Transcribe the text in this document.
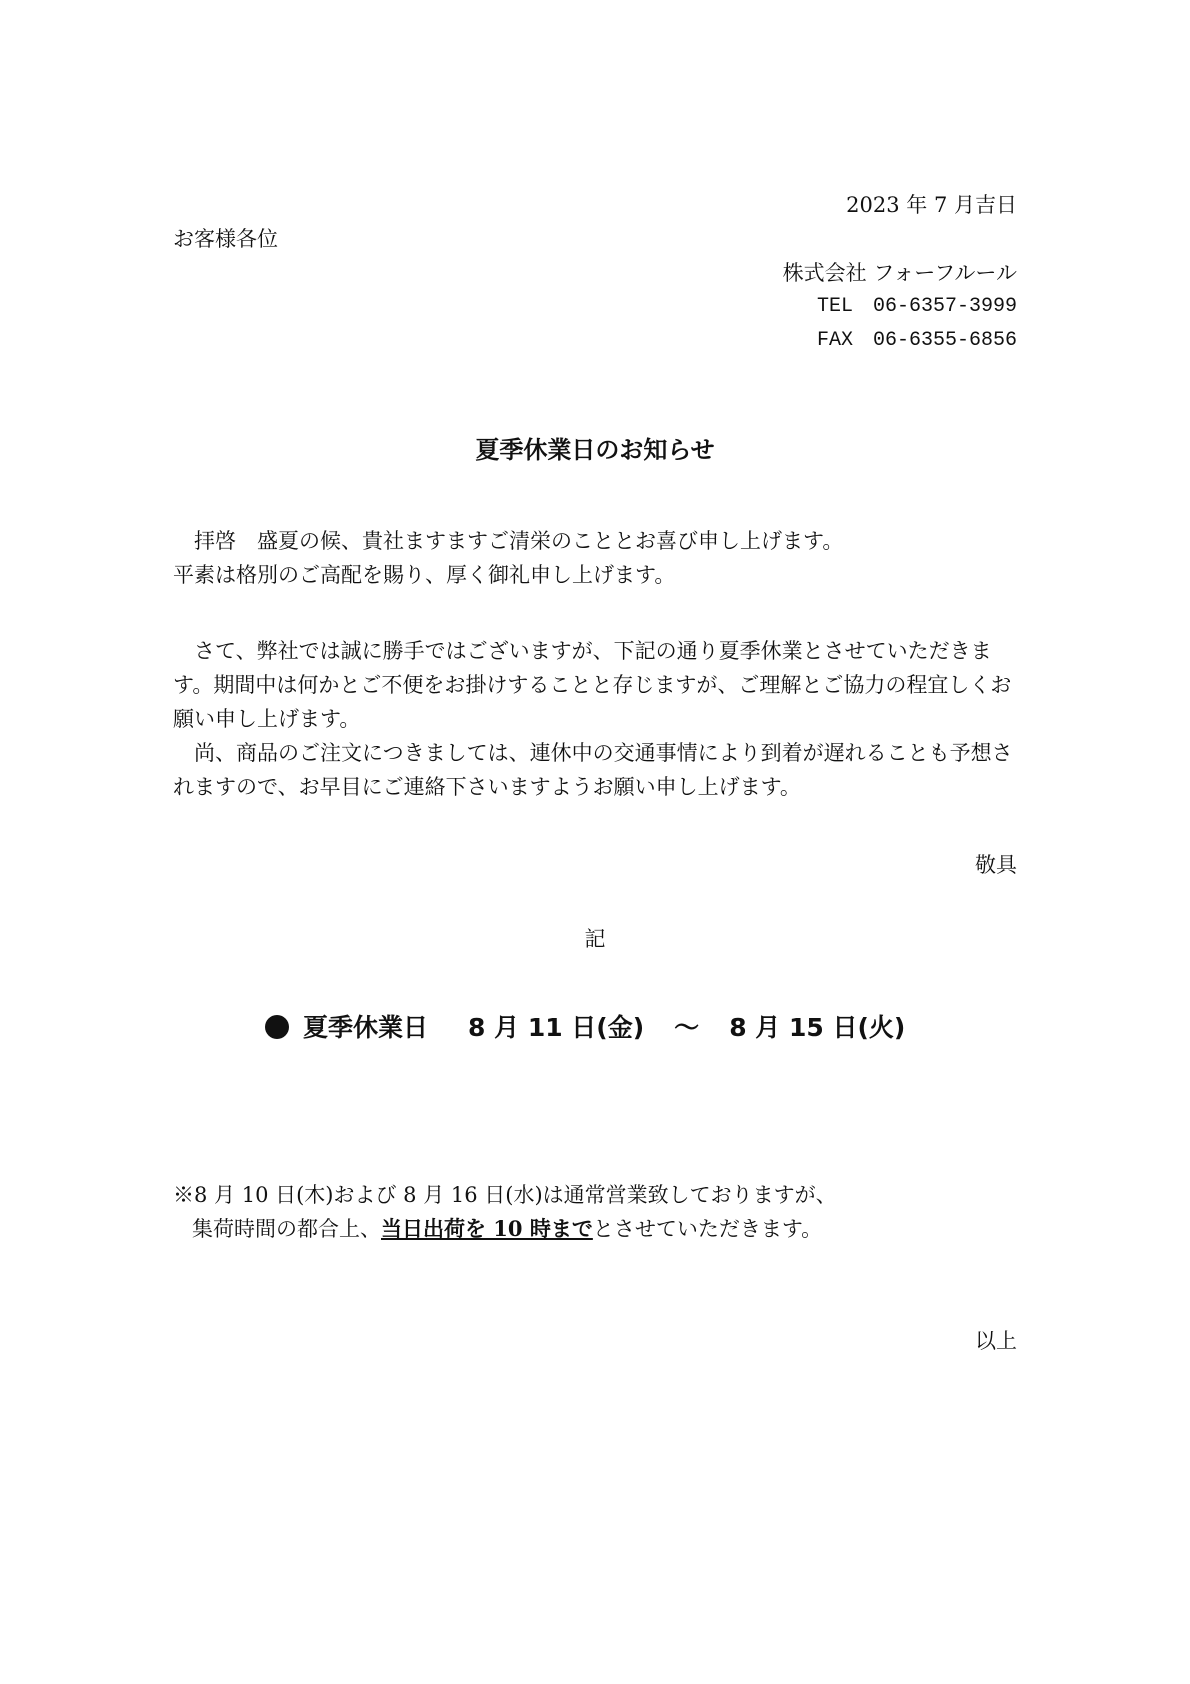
2023 年 7 月吉日
お客様各位
株式会社 フォーフルール
TEL　06-6357-3999
FAX　06-6355-6856
夏季休業日のお知らせ

拝啓　盛夏の候、貴社ますますご清栄のこととお喜び申し上げます。

平素は格別のご高配を賜り、厚く御礼申し上げます。

さて、弊社では誠に勝手ではございますが、下記の通り夏季休業とさせていただきます。期間中は何かとご不便をお掛けすることと存じますが、ご理解とご協力の程宜しくお願い申し上げます。

尚、商品のご注文につきましては、連休中の交通事情により到着が遅れることも予想されますので、お早目にご連絡下さいますようお願い申し上げます。

敬具
記
夏季休業日 8 月 11 日(金) ～ 8 月 15 日(火)
※8 月 10 日(木)および 8 月 16 日(水)は通常営業致しておりますが、
集荷時間の都合上、当日出荷を 10 時までとさせていただきます。
以上
